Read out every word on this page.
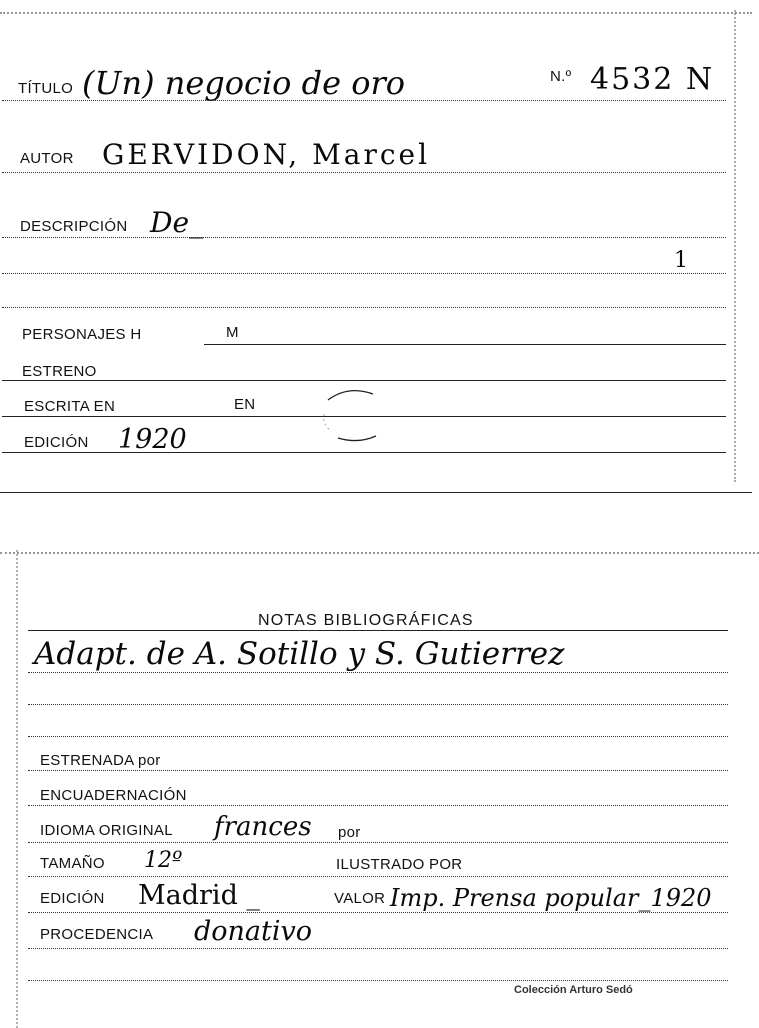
TÍTULO (Un) negocio de oro	N.º 4532 N
AUTOR GERVIDON, Marcel
DESCRIPCIÓN De_
1
PERSONAJES H	M
ESTRENO
ESCRITA EN	EN
EDICIÓN 1920
NOTAS BIBLIOGRÁFICAS
Adapt. de A. Sotillo y S. Gutierrez
ESTRENADA por
ENCUADERNACIÓN
IDIOMA ORIGINAL frances por
TAMAÑO 12º	ILUSTRADO POR
EDICIÓN Madrid _	VALOR Imp. Prensa popular_1920
PROCEDENCIA donativo
Colección Arturo Sedó
